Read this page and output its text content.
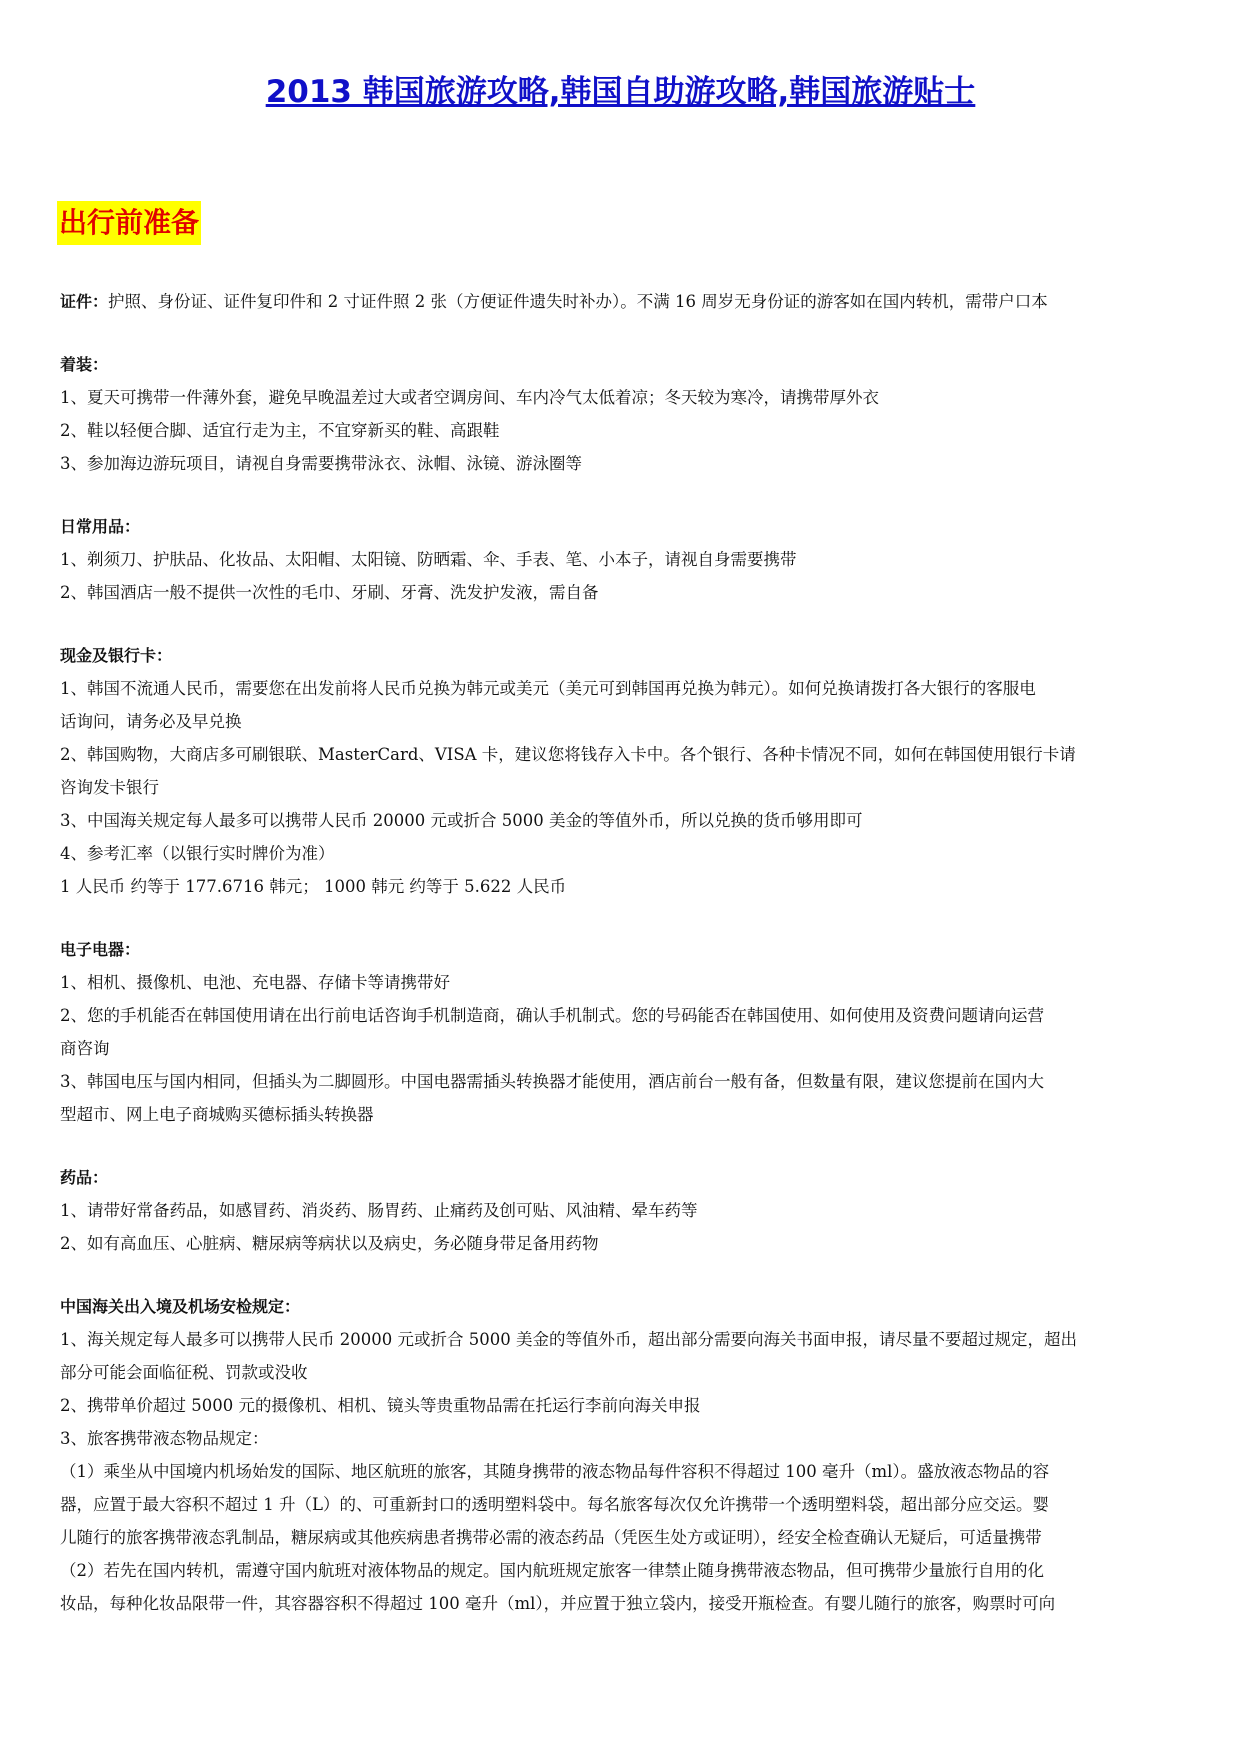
2013 韩国旅游攻略,韩国自助游攻略,韩国旅游贴士
出行前准备

证件：护照、身份证、证件复印件和 2 寸证件照 2 张（方便证件遗失时补办）。不满 16 周岁无身份证的游客如在国内转机，需带户口本

着装：

1、夏天可携带一件薄外套，避免早晚温差过大或者空调房间、车内冷气太低着凉；冬天较为寒冷，请携带厚外衣

2、鞋以轻便合脚、适宜行走为主，不宜穿新买的鞋、高跟鞋

3、参加海边游玩项目，请视自身需要携带泳衣、泳帽、泳镜、游泳圈等

日常用品：

1、剃须刀、护肤品、化妆品、太阳帽、太阳镜、防晒霜、伞、手表、笔、小本子，请视自身需要携带

2、韩国酒店一般不提供一次性的毛巾、牙刷、牙膏、洗发护发液，需自备

现金及银行卡：

1、韩国不流通人民币，需要您在出发前将人民币兑换为韩元或美元（美元可到韩国再兑换为韩元）。如何兑换请拨打各大银行的客服电

话询问，请务必及早兑换

2、韩国购物，大商店多可刷银联、MasterCard、VISA 卡，建议您将钱存入卡中。各个银行、各种卡情况不同，如何在韩国使用银行卡请

咨询发卡银行

3、中国海关规定每人最多可以携带人民币 20000 元或折合 5000 美金的等值外币，所以兑换的货币够用即可

4、参考汇率（以银行实时牌价为准）

1 人民币 约等于 177.6716 韩元； 1000 韩元 约等于 5.622 人民币

电子电器：

1、相机、摄像机、电池、充电器、存储卡等请携带好

2、您的手机能否在韩国使用请在出行前电话咨询手机制造商，确认手机制式。您的号码能否在韩国使用、如何使用及资费问题请向运营

商咨询

3、韩国电压与国内相同，但插头为二脚圆形。中国电器需插头转换器才能使用，酒店前台一般有备，但数量有限，建议您提前在国内大

型超市、网上电子商城购买德标插头转换器

药品：

1、请带好常备药品，如感冒药、消炎药、肠胃药、止痛药及创可贴、风油精、晕车药等

2、如有高血压、心脏病、糖尿病等病状以及病史，务必随身带足备用药物

中国海关出入境及机场安检规定：

1、海关规定每人最多可以携带人民币 20000 元或折合 5000 美金的等值外币，超出部分需要向海关书面申报，请尽量不要超过规定，超出

部分可能会面临征税、罚款或没收

2、携带单价超过 5000 元的摄像机、相机、镜头等贵重物品需在托运行李前向海关申报

3、旅客携带液态物品规定：

（1）乘坐从中国境内机场始发的国际、地区航班的旅客，其随身携带的液态物品每件容积不得超过 100 毫升（ml）。盛放液态物品的容

器，应置于最大容积不超过 1 升（L）的、可重新封口的透明塑料袋中。每名旅客每次仅允许携带一个透明塑料袋，超出部分应交运。婴

儿随行的旅客携带液态乳制品，糖尿病或其他疾病患者携带必需的液态药品（凭医生处方或证明），经安全检查确认无疑后，可适量携带

（2）若先在国内转机，需遵守国内航班对液体物品的规定。国内航班规定旅客一律禁止随身携带液态物品，但可携带少量旅行自用的化

妆品，每种化妆品限带一件，其容器容积不得超过 100 毫升（ml），并应置于独立袋内，接受开瓶检查。有婴儿随行的旅客，购票时可向
